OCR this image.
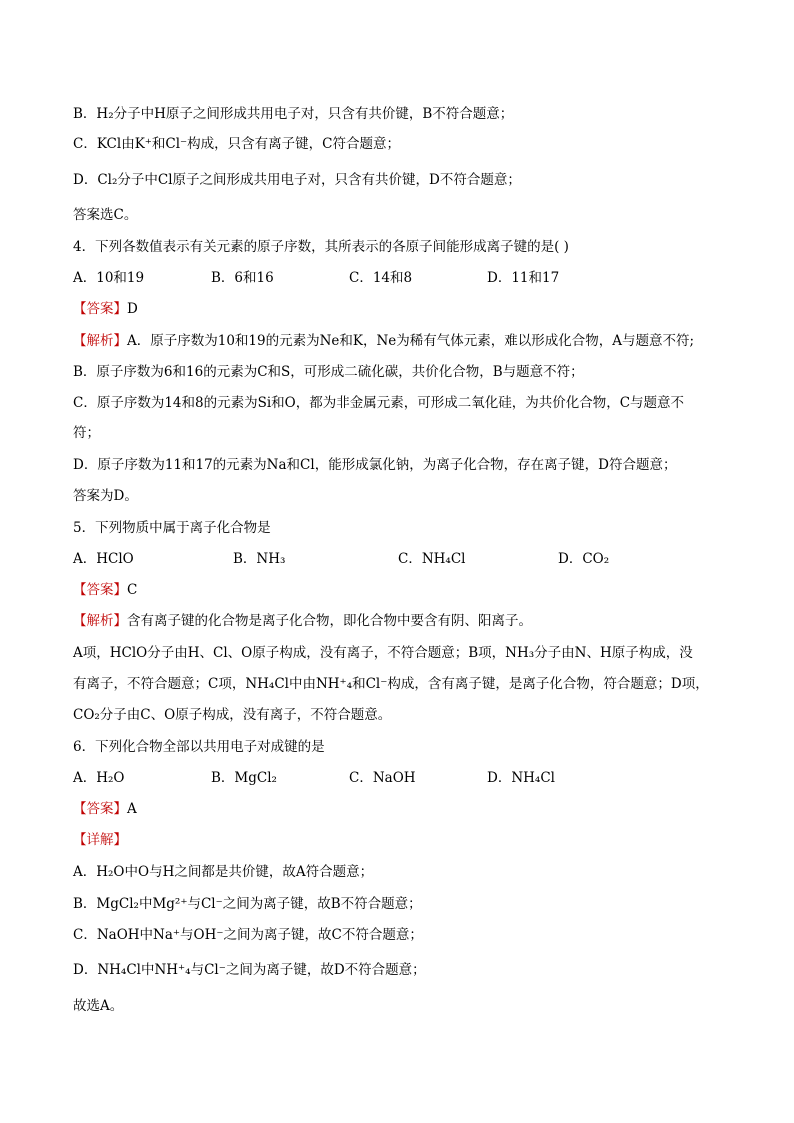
B．H₂分子中H原子之间形成共用电子对，只含有共价键，B不符合题意；
C．KCl由K⁺和Cl⁻构成，只含有离子键，C符合题意；
D．Cl₂分子中Cl原子之间形成共用电子对，只含有共价键，D不符合题意；
答案选C。
4．下列各数值表示有关元素的原子序数，其所表示的各原子间能形成离子键的是( )
A．10和19	B．6和16	C．14和8	D．11和17
【答案】D
【解析】A．原子序数为10和19的元素为Ne和K，Ne为稀有气体元素，难以形成化合物，A与题意不符;
B．原子序数为6和16的元素为C和S，可形成二硫化碳，共价化合物，B与题意不符；
C．原子序数为14和8的元素为Si和O，都为非金属元素，可形成二氧化硅，为共价化合物，C与题意不
符；
D．原子序数为11和17的元素为Na和Cl，能形成氯化钠，为离子化合物，存在离子键，D符合题意；
答案为D。
5．下列物质中属于离子化合物是
A．HClO	B．NH₃	C．NH₄Cl	D．CO₂
【答案】C
【解析】含有离子键的化合物是离子化合物，即化合物中要含有阴、阳离子。
A项，HClO分子由H、Cl、O原子构成，没有离子，不符合题意；B项，NH₃分子由N、H原子构成，没
有离子，不符合题意；C项，NH₄Cl中由NH⁺₄和Cl⁻构成，含有离子键，是离子化合物，符合题意；D项，
CO₂分子由C、O原子构成，没有离子，不符合题意。
6．下列化合物全部以共用电子对成键的是
A．H₂O	B．MgCl₂	C．NaOH	D．NH₄Cl
【答案】A
【详解】
A．H₂O中O与H之间都是共价键，故A符合题意；
B．MgCl₂中Mg²⁺与Cl⁻之间为离子键，故B不符合题意；
C．NaOH中Na⁺与OH⁻之间为离子键，故C不符合题意；
D．NH₄Cl中NH⁺₄与Cl⁻之间为离子键，故D不符合题意；
故选A。
